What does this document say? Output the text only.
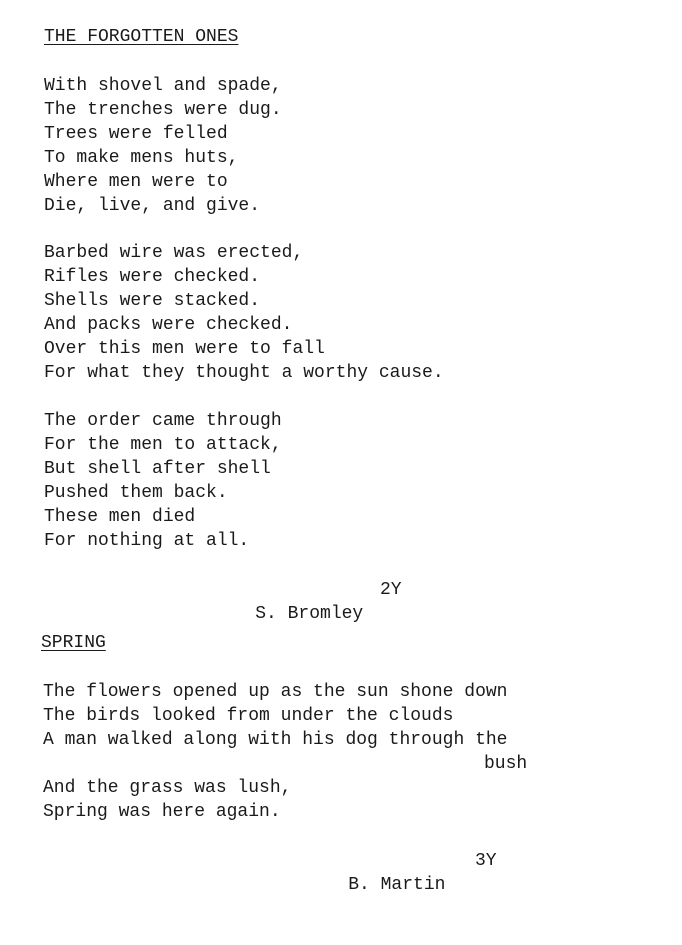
THE FORGOTTEN ONES
With shovel and spade,
The trenches were dug.
Trees were felled
To make mens huts,
Where men were to
Die, live, and give.
Barbed wire was erected,
Rifles were checked.
Shells were stacked.
And packs were checked.
Over this men were to fall
For what they thought a worthy cause.
The order came through
For the men to attack,
But shell after shell
Pushed them back.
These men died
For nothing at all.

S. Bromley

2Y

SPRING
The flowers opened up as the sun shone down
The birds looked from under the clouds
A man walked along with his dog through the
bush
And the grass was lush,
Spring was here again.

B. Martin

3Y
